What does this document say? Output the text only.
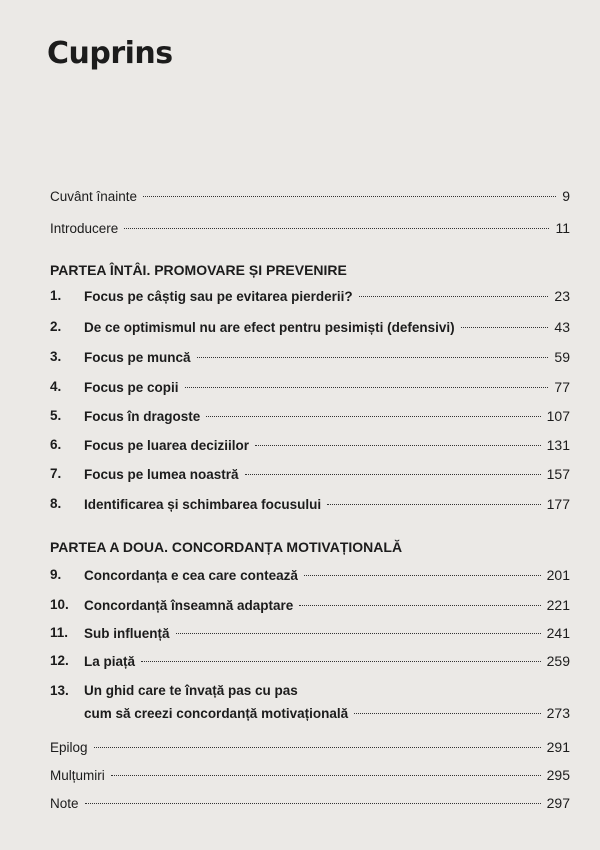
Cuprins
Cuvânt înainte	9
Introducere	11
PARTEA ÎNTÂI. PROMOVARE ȘI PREVENIRE
1. Focus pe câștig sau pe evitarea pierderii?	23
2. De ce optimismul nu are efect pentru pesimiști (defensivi)	43
3. Focus pe muncă	59
4. Focus pe copii	77
5. Focus în dragoste	107
6. Focus pe luarea deciziilor	131
7. Focus pe lumea noastră	157
8. Identificarea și schimbarea focusului	177
PARTEA A DOUA. CONCORDANȚA MOTIVAȚIONALĂ
9. Concordanța e cea care contează	201
10. Concordanță înseamnă adaptare	221
11. Sub influență	241
12. La piață	259
13. Un ghid care te învață pas cu pas
cum să creezi concordanță motivațională	273
Epilog	291
Mulțumiri	295
Note	297
